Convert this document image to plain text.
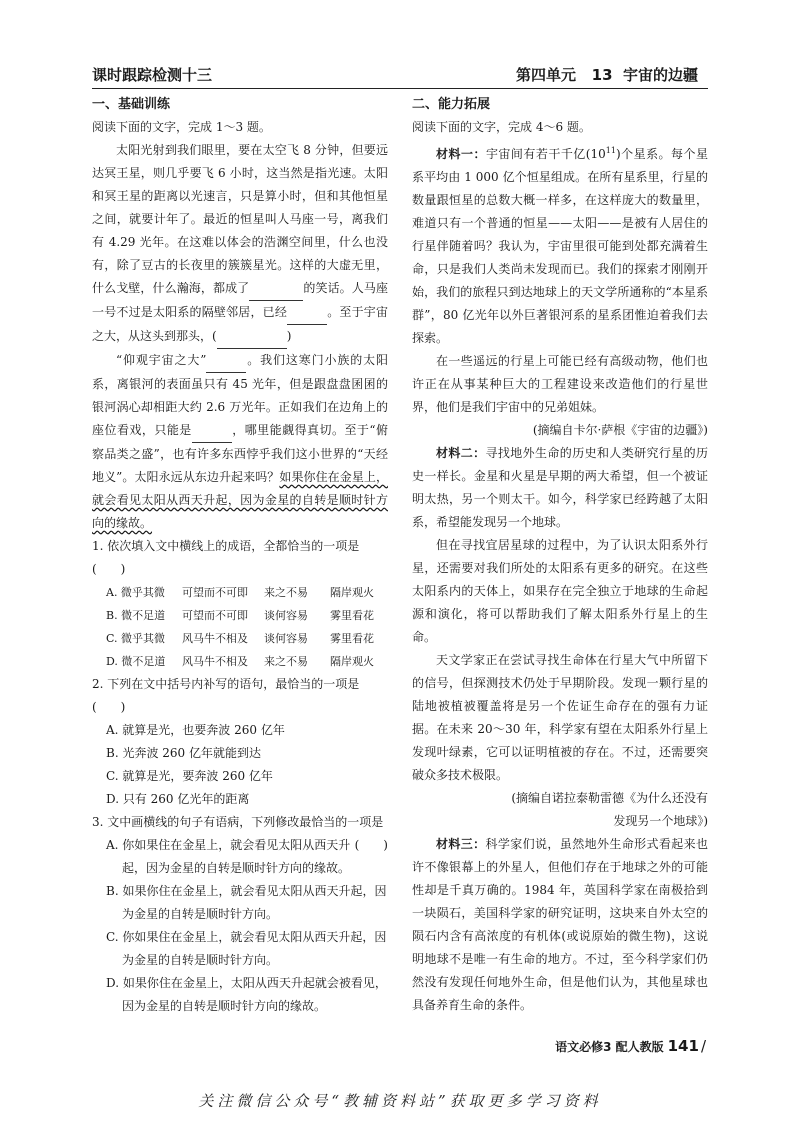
课时跟踪检测十三	第四单元 13 宇宙的边疆

一、基础训练

阅读下面的文字，完成 1～3 题。

太阳光射到我们眼里，要在太空飞 8 分钟，但要远达冥王星，则几乎要飞 6 小时，这当然是指光速。太阳和冥王星的距离以光速言，只是算小时，但和其他恒星之间，就要计年了。最近的恒星叫人马座一号，离我们有 4.29 光年。在这难以体会的浩渊空间里，什么也没有，除了豆古的长夜里的簇簇星光。这样的大虚无里，什么戈壁，什么瀚海，都成了	的笑话。人马座一号不过是太阳系的隔壁邻居，已经	。至于宇宙之大，从这头到那头，(	)

“仰观宇宙之大”	。我们这寒门小族的太阳系，离银河的表面虽只有 45 光年，但是跟盘盘囷囷的银河涡心却相距大约 2.6 万光年。正如我们在边角上的座位看戏，只能是	，哪里能觑得真切。至于“俯察品类之盛”，也有许多东西悖乎我们这小世界的“天经地义”。太阳永远从东边升起来吗？如果你住在金星上，就会看见太阳从西天升起，因为金星的自转是顺时针方向的缘故。

1. 依次填入文中横线上的成语，全都恰当的一项是(　　)

A. 微乎其微 可望而不可即 来之不易 隔岸观火

B. 微不足道 可望而不可即 谈何容易 雾里看花

C. 微乎其微 风马牛不相及 谈何容易 雾里看花

D. 微不足道 风马牛不相及 来之不易 隔岸观火

2. 下列在文中括号内补写的语句，最恰当的一项是(　　)

A. 就算是光，也要奔波 260 亿年

B. 光奔波 260 亿年就能到达

C. 就算是光，要奔波 260 亿年

D. 只有 260 亿光年的距离

3. 文中画横线的句子有语病，下列修改最恰当的一项是
(　　)

A. 你如果住在金星上，就会看见太阳从西天升起，因为金星的自转是顺时针方向的缘故。

B. 如果你住在金星上，就会看见太阳从西天升起，因为金星的自转是顺时针方向。

C. 你如果住在金星上，就会看见太阳从西天升起，因为金星的自转是顺时针方向。

D. 如果你住在金星上，太阳从西天升起就会被看见，因为金星的自转是顺时针方向的缘故。

二、能力拓展

阅读下面的文字，完成 4～6 题。

材料一：宇宙间有若干千亿$(10^{11})$个星系。每个星系平均由 1 000 亿个恒星组成。在所有星系里，行星的数量跟恒星的总数大概一样多，在这样庞大的数量里，难道只有一个普通的恒星——太阳——是被有人居住的行星伴随着吗？我认为，宇宙里很可能到处都充满着生命，只是我们人类尚未发现而已。我们的探索才刚刚开始，我们的旅程只到达地球上的天文学所通称的“本星系群”，80 亿光年以外巨著银河系的星系团惟迫着我们去探索。

在一些遥远的行星上可能已经有高级动物，他们也许正在从事某种巨大的工程建设来改造他们的行星世界，他们是我们宇宙中的兄弟姐妹。

(摘编自卡尔·萨根《宇宙的边疆》)

材料二：寻找地外生命的历史和人类研究行星的历史一样长。金星和火星是早期的两大希望，但一个被证明太热，另一个则太干。如今，科学家已经跨越了太阳系，希望能发现另一个地球。

但在寻找宜居星球的过程中，为了认识太阳系外行星，还需要对我们所处的太阳系有更多的研究。在这些太阳系内的天体上，如果存在完全独立于地球的生命起源和演化，将可以帮助我们了解太阳系外行星上的生命。

天文学家正在尝试寻找生命体在行星大气中所留下的信号，但探测技术仍处于早期阶段。发现一颗行星的陆地被植被覆盖将是另一个佐证生命存在的强有力证据。在未来 20～30 年，科学家有望在太阳系外行星上发现叶绿素，它可以证明植被的存在。不过，还需要突破众多技术极限。

(摘编自诺拉泰勒雷德《为什么还没有

发现另一个地球》)

材料三：科学家们说，虽然地外生命形式看起来也许不像银幕上的外星人，但他们存在于地球之外的可能性却是千真万确的。1984 年，英国科学家在南极拾到一块陨石，美国科学家的研究证明，这块来自外太空的陨石内含有高浓度的有机体(或说原始的微生物)，这说明地球不是唯一有生命的地方。不过，至今科学家们仍然没有发现任何地外生命，但是他们认为，其他星球也具备养育生命的条件。

语文必修3 配人教版 141 /
关注微信公众号“教辅资料站”获取更多学习资料
